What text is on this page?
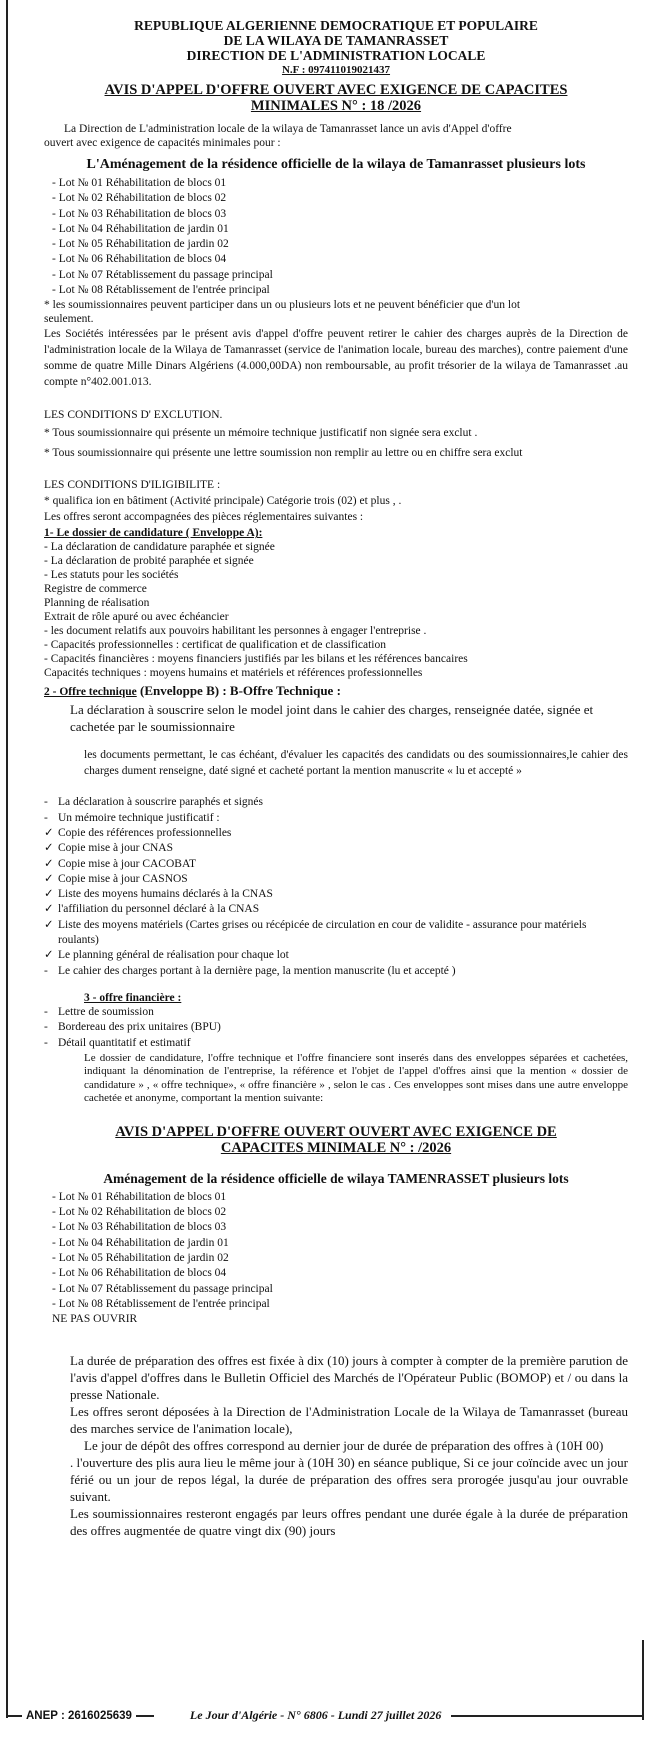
REPUBLIQUE ALGERIENNE DEMOCRATIQUE ET POPULAIRE
DE LA WILAYA DE TAMANRASSET
DIRECTION DE L'ADMINISTRATION LOCALE
N.F : 097411019021437
AVIS D'APPEL D'OFFRE OUVERT AVEC EXIGENCE DE CAPACITES
MINIMALES N° : 18 /2026

La Direction de L'administration locale de la wilaya de Tamanrasset lance un avis d'Appel d'offre

ouvert avec exigence de capacités minimales pour :

L'Aménagement de la résidence officielle de la wilaya de Tamanrasset plusieurs lots
- Lot № 01 Réhabilitation de blocs 01
- Lot № 02 Réhabilitation de blocs 02
- Lot № 03 Réhabilitation de blocs 03
- Lot № 04 Réhabilitation de jardin 01
- Lot № 05 Réhabilitation de jardin 02
- Lot № 06 Réhabilitation de blocs 04
- Lot № 07 Rétablissement du passage principal
- Lot № 08 Rétablissement de l'entrée principal

* les soumissionnaires peuvent participer dans un ou plusieurs lots et ne peuvent bénéficier que d'un lot

seulement.

Les Sociétés intéressées par le présent avis d'appel d'offre peuvent retirer le cahier des charges auprès de la Direction de l'administration locale de la Wilaya de Tamanrasset (service de l'animation locale, bureau des marches), contre paiement d'une somme de quatre Mille Dinars Algériens (4.000,00DA) non remboursable, au profit trésorier de la wilaya de Tamanrasset .au compte n°402.001.013.

LES CONDITIONS D' EXCLUTION.

* Tous soumissionnaire qui présente un mémoire technique justificatif non signée sera exclut .

* Tous soumissionnaire qui présente une lettre soumission non remplir au lettre ou en chiffre sera exclut

LES CONDITIONS D'ILIGIBILITE :

* qualifica ion en bâtiment (Activité principale) Catégorie trois (02) et plus , .

Les offres seront accompagnées des pièces réglementaires suivantes :

1- Le dossier de candidature ( Enveloppe A):
- La déclaration de candidature paraphée et signée
- La déclaration de probité paraphée et signée
- Les statuts pour les sociétés
Registre de commerce
Planning de réalisation
Extrait de rôle apuré ou avec échéancier
- les document relatifs aux pouvoirs habilitant les personnes à engager l'entreprise .
- Capacités professionnelles : certificat de qualification et de classification
- Capacités financières : moyens financiers justifiés par les bilans et les références bancaires
Capacités techniques : moyens humains et matériels et références professionnelles
2 - Offre technique (Enveloppe B) : B-Offre Technique :

La déclaration à souscrire selon le model joint dans le cahier des charges, renseignée datée, signée et cachetée par le soumissionnaire

les documents permettant, le cas échéant, d'évaluer les capacités des candidats ou des soumissionnaires,le cahier des charges dument renseigne, daté signé et cacheté portant la mention manuscrite « lu et accepté »

- La déclaration à souscrire paraphés et signés
- Un mémoire technique justificatif :
✓ Copie des références professionnelles
✓ Copie mise à jour CNAS
✓ Copie mise à jour CACOBAT
✓ Copie mise à jour CASNOS
✓ Liste des moyens humains déclarés à la CNAS
✓ l'affiliation du personnel déclaré à la CNAS
✓ Liste des moyens matériels (Cartes grises ou récépicée de circulation en cour de validite - assurance pour matériels roulants)
✓ Le planning général de réalisation pour chaque lot
- Le cahier des charges portant à la dernière page, la mention manuscrite (lu et accepté )
3 - offre financière :
- Lettre de soumission
- Bordereau des prix unitaires (BPU)
- Détail quantitatif et estimatif

Le dossier de candidature, l'offre technique et l'offre financiere sont inserés dans des enveloppes séparées et cachetées, indiquant la dénomination de l'entreprise, la référence et l'objet de l'appel d'offres ainsi que la mention « dossier de candidature » , « offre technique», « offre financière » , selon le cas . Ces enveloppes sont mises dans une autre enveloppe cachetée et anonyme, comportant la mention suivante:

AVIS D'APPEL D'OFFRE OUVERT OUVERT AVEC EXIGENCE DE
CAPACITES MINIMALE N° : /2026
Aménagement de la résidence officielle de wilaya TAMENRASSET plusieurs lots
- Lot № 01 Réhabilitation de blocs 01
- Lot № 02 Réhabilitation de blocs 02
- Lot № 03 Réhabilitation de blocs 03
- Lot № 04 Réhabilitation de jardin 01
- Lot № 05 Réhabilitation de jardin 02
- Lot № 06 Réhabilitation de blocs 04
- Lot № 07 Rétablissement du passage principal
- Lot № 08 Rétablissement de l'entrée principal
NE PAS OUVRIR

La durée de préparation des offres est fixée à dix (10) jours à compter à compter de la première parution de l'avis d'appel d'offres dans le Bulletin Officiel des Marchés de l'Opérateur Public (BOMOP) et / ou dans la presse Nationale.

Les offres seront déposées à la Direction de l'Administration Locale de la Wilaya de Tamanrasset (bureau des marches service de l'animation locale),

Le jour de dépôt des offres correspond au dernier jour de durée de préparation des offres à (10H 00)

. l'ouverture des plis aura lieu le même jour à (10H 30) en séance publique, Si ce jour coïncide avec un jour férié ou un jour de repos légal, la durée de préparation des offres sera prorogée jusqu'au jour ouvrable suivant.

Les soumissionnaires resteront engagés par leurs offres pendant une durée égale à la durée de préparation des offres augmentée de quatre vingt dix (90) jours

ANEP : 2616025639	Le Jour d'Algérie - N° 6806 - Lundi 27 juillet 2026
